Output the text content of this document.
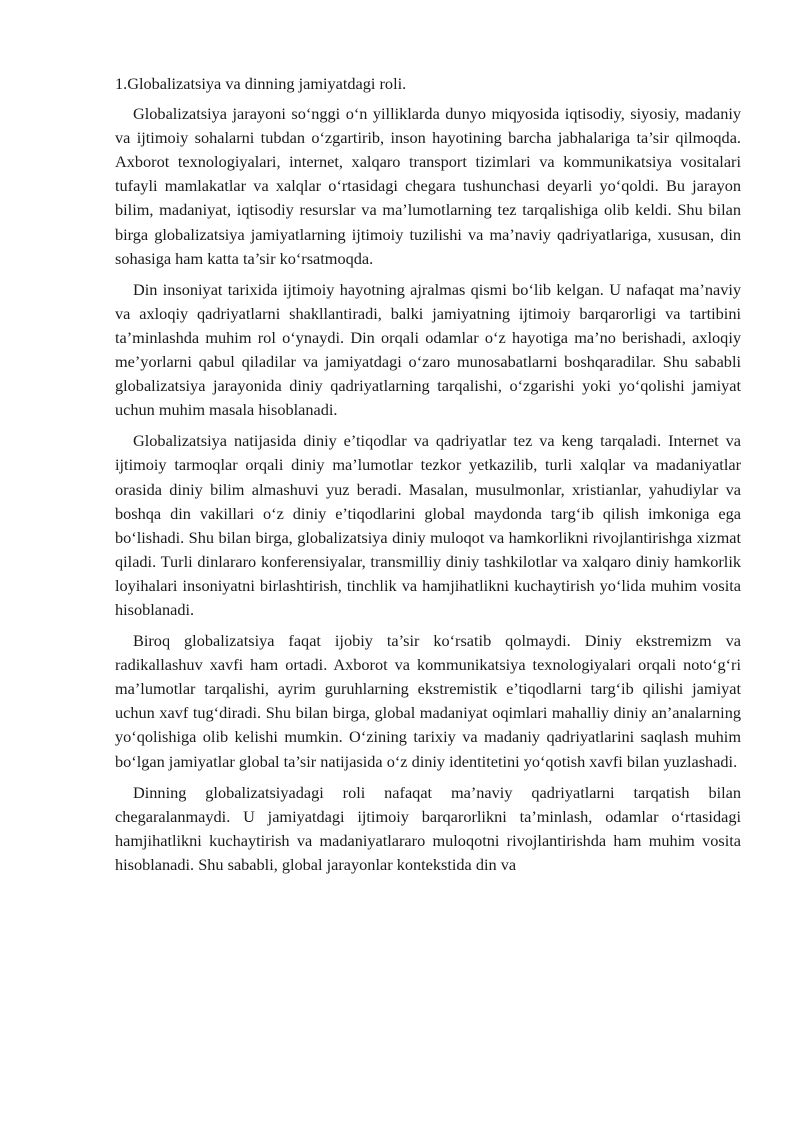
1.Globalizatsiya va dinning jamiyatdagi roli.

Globalizatsiya jarayoni so‘nggi o‘n yilliklarda dunyo miqyosida iqtisodiy, siyosiy, madaniy va ijtimoiy sohalarni tubdan o‘zgartirib, inson hayotining barcha jabhalariga ta’sir qilmoqda. Axborot texnologiyalari, internet, xalqaro transport tizimlari va kommunikatsiya vositalari tufayli mamlakatlar va xalqlar o‘rtasidagi chegara tushunchasi deyarli yo‘qoldi. Bu jarayon bilim, madaniyat, iqtisodiy resurslar va ma’lumotlarning tez tarqalishiga olib keldi. Shu bilan birga globalizatsiya jamiyatlarning ijtimoiy tuzilishi va ma’naviy qadriyatlariga, xususan, din sohasiga ham katta ta’sir ko‘rsatmoqda.

Din insoniyat tarixida ijtimoiy hayotning ajralmas qismi bo‘lib kelgan. U nafaqat ma’naviy va axloqiy qadriyatlarni shakllantiradi, balki jamiyatning ijtimoiy barqarorligi va tartibini ta’minlashda muhim rol o‘ynaydi. Din orqali odamlar o‘z hayotiga ma’no berishadi, axloqiy me’yorlarni qabul qiladilar va jamiyatdagi o‘zaro munosabatlarni boshqaradilar. Shu sababli globalizatsiya jarayonida diniy qadriyatlarning tarqalishi, o‘zgarishi yoki yo‘qolishi jamiyat uchun muhim masala hisoblanadi.

Globalizatsiya natijasida diniy e’tiqodlar va qadriyatlar tez va keng tarqaladi. Internet va ijtimoiy tarmoqlar orqali diniy ma’lumotlar tezkor yetkazilib, turli xalqlar va madaniyatlar orasida diniy bilim almashuvi yuz beradi. Masalan, musulmonlar, xristianlar, yahudiylar va boshqa din vakillari o‘z diniy e’tiqodlarini global maydonda targ‘ib qilish imkoniga ega bo‘lishadi. Shu bilan birga, globalizatsiya diniy muloqot va hamkorlikni rivojlantirishga xizmat qiladi. Turli dinlararo konferensiyalar, transmilliy diniy tashkilotlar va xalqaro diniy hamkorlik loyihalari insoniyatni birlashtirish, tinchlik va hamjihatlikni kuchaytirish yo‘lida muhim vosita hisoblanadi.

Biroq globalizatsiya faqat ijobiy ta’sir ko‘rsatib qolmaydi. Diniy ekstremizm va radikallashuv xavfi ham ortadi. Axborot va kommunikatsiya texnologiyalari orqali noto‘g‘ri ma’lumotlar tarqalishi, ayrim guruhlarning ekstremistik e’tiqodlarni targ‘ib qilishi jamiyat uchun xavf tug‘diradi. Shu bilan birga, global madaniyat oqimlari mahalliy diniy an’analarning yo‘qolishiga olib kelishi mumkin. O‘zining tarixiy va madaniy qadriyatlarini saqlash muhim bo‘lgan jamiyatlar global ta’sir natijasida o‘z diniy identitetini yo‘qotish xavfi bilan yuzlashadi.

Dinning globalizatsiyadagi roli nafaqat ma’naviy qadriyatlarni tarqatish bilan chegaralanmaydi. U jamiyatdagi ijtimoiy barqarorlikni ta’minlash, odamlar o‘rtasidagi hamjihatlikni kuchaytirish va madaniyatlararo muloqotni rivojlantirishda ham muhim vosita hisoblanadi. Shu sababli, global jarayonlar kontekstida din va
